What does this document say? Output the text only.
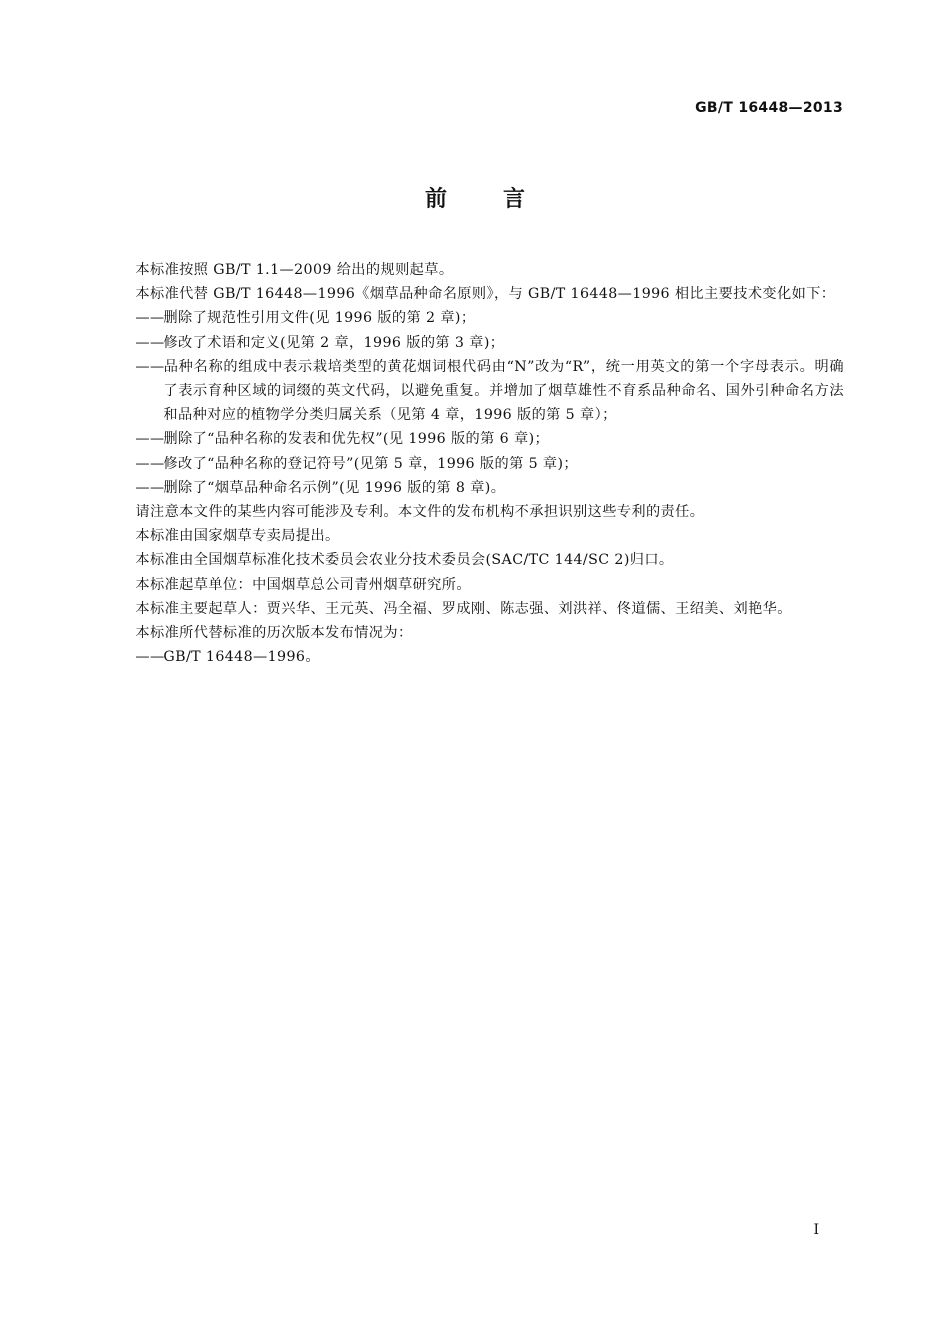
GB/T 16448—2013
前言

本标准按照 GB/T 1.1—2009 给出的规则起草。

本标准代替 GB/T 16448—1996《烟草品种命名原则》，与 GB/T 16448—1996 相比主要技术变化如下：

——删除了规范性引用文件(见 1996 版的第 2 章)；

——修改了术语和定义(见第 2 章，1996 版的第 3 章)；

——品种名称的组成中表示栽培类型的黄花烟词根代码由“N”改为“R”，统一用英文的第一个字母表示。明确了表示育种区域的词缀的英文代码，以避免重复。并增加了烟草雄性不育系品种命名、国外引种命名方法和品种对应的植物学分类归属关系（见第 4 章，1996 版的第 5 章）；

——删除了“品种名称的发表和优先权”(见 1996 版的第 6 章)；

——修改了“品种名称的登记符号”(见第 5 章，1996 版的第 5 章)；

——删除了“烟草品种命名示例”(见 1996 版的第 8 章)。

请注意本文件的某些内容可能涉及专利。本文件的发布机构不承担识别这些专利的责任。

本标准由国家烟草专卖局提出。

本标准由全国烟草标准化技术委员会农业分技术委员会(SAC/TC 144/SC 2)归口。

本标准起草单位：中国烟草总公司青州烟草研究所。

本标准主要起草人：贾兴华、王元英、冯全福、罗成刚、陈志强、刘洪祥、佟道儒、王绍美、刘艳华。

本标准所代替标准的历次版本发布情况为：

——GB/T 16448—1996。

I
